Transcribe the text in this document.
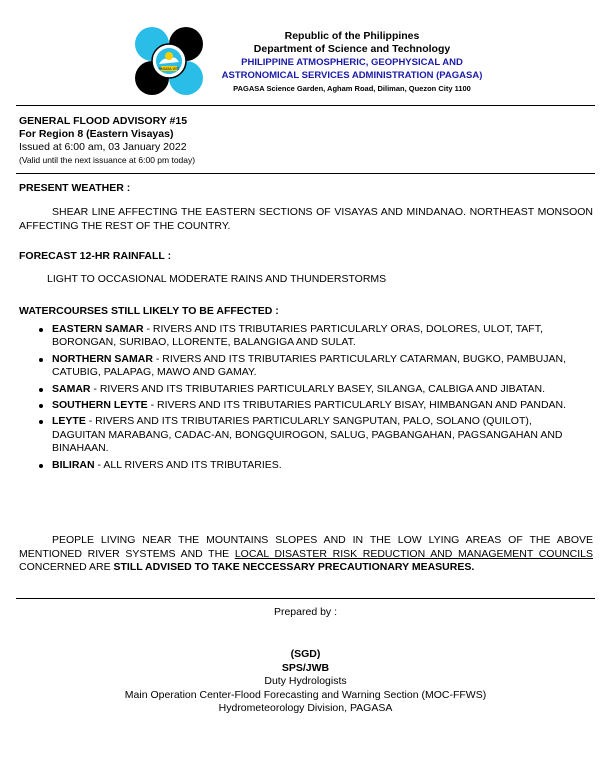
PAGASA 1972
Republic of the Philippines
Department of Science and Technology
PHILIPPINE ATMOSPHERIC, GEOPHYSICAL AND
ASTRONOMICAL SERVICES ADMINISTRATION (PAGASA)
PAGASA Science Garden, Agham Road, Diliman, Quezon City 1100
GENERAL FLOOD ADVISORY #15
For Region 8 (Eastern Visayas)
Issued at 6:00 am, 03 January 2022
(Valid until the next issuance at 6:00 pm today)
PRESENT WEATHER :
SHEAR LINE AFFECTING THE EASTERN SECTIONS OF VISAYAS AND MINDANAO. NORTHEAST MONSOON AFFECTING THE REST OF THE COUNTRY.
FORECAST 12-HR RAINFALL :
LIGHT TO OCCASIONAL MODERATE RAINS AND THUNDERSTORMS
WATERCOURSES STILL LIKELY TO BE AFFECTED :
EASTERN SAMAR - RIVERS AND ITS TRIBUTARIES PARTICULARLY ORAS, DOLORES, ULOT, TAFT, BORONGAN, SURIBAO, LLORENTE, BALANGIGA AND SULAT.
NORTHERN SAMAR - RIVERS AND ITS TRIBUTARIES PARTICULARLY CATARMAN, BUGKO, PAMBUJAN, CATUBIG, PALAPAG, MAWO AND GAMAY.
SAMAR - RIVERS AND ITS TRIBUTARIES PARTICULARLY BASEY, SILANGA, CALBIGA AND JIBATAN.
SOUTHERN LEYTE - RIVERS AND ITS TRIBUTARIES PARTICULARLY BISAY, HIMBANGAN AND PANDAN.
LEYTE - RIVERS AND ITS TRIBUTARIES PARTICULARLY SANGPUTAN, PALO, SOLANO (QUILOT), DAGUITAN MARABANG, CADAC-AN, BONGQUIROGON, SALUG, PAGBANGAHAN, PAGSANGAHAN AND BINAHAAN.
BILIRAN - ALL RIVERS AND ITS TRIBUTARIES.
PEOPLE LIVING NEAR THE MOUNTAINS SLOPES AND IN THE LOW LYING AREAS OF THE ABOVE MENTIONED RIVER SYSTEMS AND THE LOCAL DISASTER RISK REDUCTION AND MANAGEMENT COUNCILS CONCERNED ARE STILL ADVISED TO TAKE NECCESSARY PRECAUTIONARY MEASURES.
Prepared by :
(SGD)
SPS/JWB
Duty Hydrologists
Main Operation Center-Flood Forecasting and Warning Section (MOC-FFWS)
Hydrometeorology Division, PAGASA
